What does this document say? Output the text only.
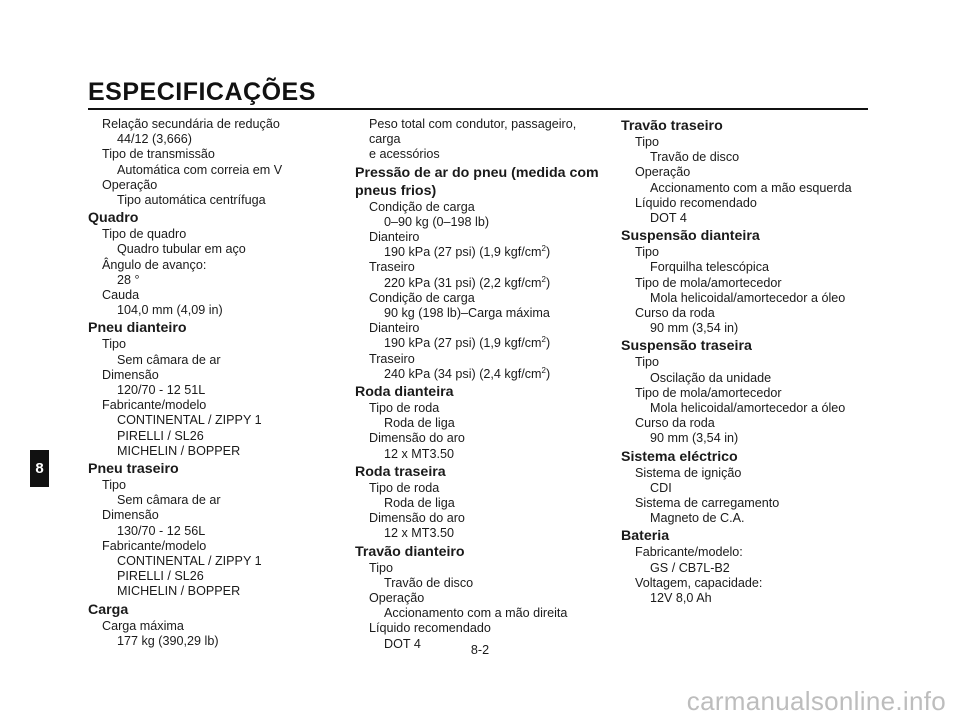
ESPECIFICAÇÕES
8
Relação secundária de redução
44/12 (3,666)
Tipo de transmissão
Automática com correia em V
Operação
Tipo automática centrífuga
Quadro
Tipo de quadro
Quadro tubular em aço
Ângulo de avanço:
28 °
Cauda
104,0 mm (4,09 in)
Pneu dianteiro
Tipo
Sem câmara de ar
Dimensão
120/70 - 12 51L
Fabricante/modelo
CONTINENTAL / ZIPPY 1
PIRELLI / SL26
MICHELIN / BOPPER
Pneu traseiro
Tipo
Sem câmara de ar
Dimensão
130/70 - 12 56L
Fabricante/modelo
CONTINENTAL / ZIPPY 1
PIRELLI / SL26
MICHELIN / BOPPER
Carga
Carga máxima
177 kg (390,29 lb)
Peso total com condutor, passageiro, carga
e acessórios
Pressão de ar do pneu (medida com
pneus frios)
Condição de carga
0–90 kg (0–198 lb)
Dianteiro
190 kPa (27 psi) (1,9 kgf/$cm^2$)
Traseiro
220 kPa (31 psi) (2,2 kgf/$cm^2$)
Condição de carga
90 kg (198 lb)–Carga máxima
Dianteiro
190 kPa (27 psi) (1,9 kgf/$cm^2$)
Traseiro
240 kPa (34 psi) (2,4 kgf/$cm^2$)
Roda dianteira
Tipo de roda
Roda de liga
Dimensão do aro
12 x MT3.50
Roda traseira
Tipo de roda
Roda de liga
Dimensão do aro
12 x MT3.50
Travão dianteiro
Tipo
Travão de disco
Operação
Accionamento com a mão direita
Líquido recomendado
DOT 4
Travão traseiro
Tipo
Travão de disco
Operação
Accionamento com a mão esquerda
Líquido recomendado
DOT 4
Suspensão dianteira
Tipo
Forquilha telescópica
Tipo de mola/amortecedor
Mola helicoidal/amortecedor a óleo
Curso da roda
90 mm (3,54 in)
Suspensão traseira
Tipo
Oscilação da unidade
Tipo de mola/amortecedor
Mola helicoidal/amortecedor a óleo
Curso da roda
90 mm (3,54 in)
Sistema eléctrico
Sistema de ignição
CDI
Sistema de carregamento
Magneto de C.A.
Bateria
Fabricante/modelo:
GS / CB7L-B2
Voltagem, capacidade:
12V 8,0 Ah
8-2
carmanualsonline.info
